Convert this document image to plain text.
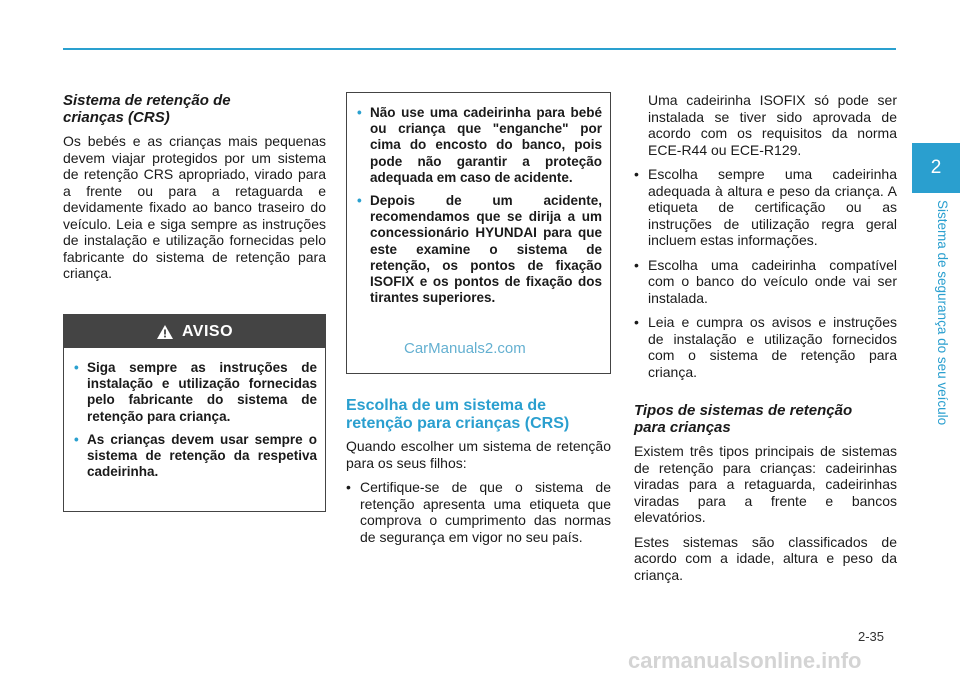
2
Sistema de segurança do seu veículo
Sistema de retenção de
crianças (CRS)

Os bebés e as crianças mais pequenas devem viajar protegidos por um sistema de retenção CRS apropriado, virado para a frente ou para a retaguarda e devidamente fixado ao banco traseiro do veículo. Leia e siga sempre as instruções de instalação e utilização fornecidas pelo fabricante do sistema de retenção para criança.

AVISO
• Siga sempre as instruções de instalação e utilização fornecidas pelo fabricante do sistema de retenção para criança.
• As crianças devem usar sempre o sistema de retenção da respetiva cadeirinha.
• Não use uma cadeirinha para bebé ou criança que "enganche" por cima do encosto do banco, pois pode não garantir a proteção adequada em caso de acidente.
• Depois de um acidente, recomendamos que se dirija a um concessionário HYUNDAI para que este examine o sistema de retenção, os pontos de fixação ISOFIX e os pontos de fixação dos tirantes superiores.
CarManuals2.com
Escolha de um sistema de
retenção para crianças (CRS)

Quando escolher um sistema de retenção para os seus filhos:

• Certifique-se de que o sistema de retenção apresenta uma etiqueta que comprova o cumprimento das normas de segurança em vigor no seu país.
Uma cadeirinha ISOFIX só pode ser instalada se tiver sido aprovada de acordo com os requisitos da norma ECE-R44 ou ECE-R129.
• Escolha sempre uma cadeirinha adequada à altura e peso da criança. A etiqueta de certificação ou as instruções de utilização regra geral incluem estas informações.
• Escolha uma cadeirinha compatível com o banco do veículo onde vai ser instalada.
• Leia e cumpra os avisos e instruções de instalação e utilização fornecidos com o sistema de retenção para criança.
Tipos de sistemas de retenção
para crianças

Existem três tipos principais de sistemas de retenção para crianças: cadeirinhas viradas para a retaguarda, cadeirinhas viradas para a frente e bancos elevatórios.

Estes sistemas são classificados de acordo com a idade, altura e peso da criança.

2-35
carmanualsonline.info
